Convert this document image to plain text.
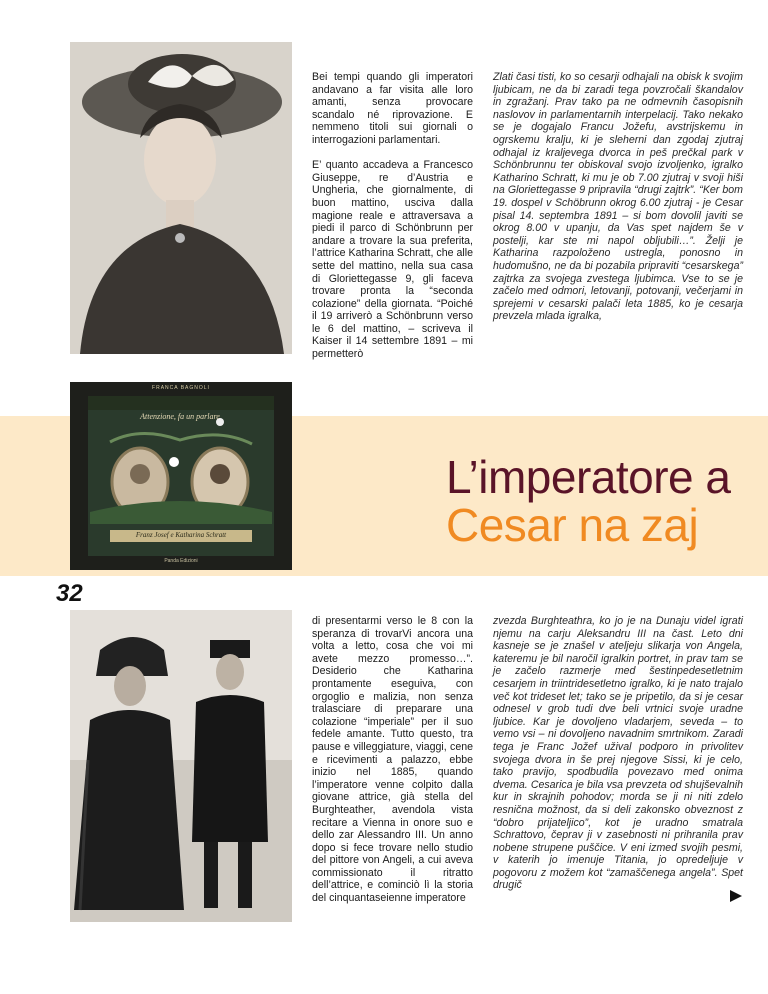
Bei tempi quando gli imperatori andavano a far visita alle loro amanti, senza provocare scandalo né riprovazione. E nemmeno titoli sui giornali o interrogazioni parlamentari.

E’ quanto accadeva a Francesco Giuseppe, re d’Austria e Ungheria, che giornalmente, di buon mattino, usciva dalla magione reale e attraversava a piedi il parco di Schönbrunn per andare a trovare la sua preferita, l’attrice Katharina Schratt, che alle sette del mattino, nella sua casa di Gloriettegasse 9, gli faceva trovare pronta la “seconda colazione” della giornata. “Poiché il 19 arriverò a Schönbrunn verso le 6 del mattino, – scriveva il Kaiser il 14 settembre 1891 – mi permetterò

Zlati časi tisti, ko so cesarji odhajali na obisk k svojim ljubicam, ne da bi zaradi tega povzročali škandalov in zgražanj. Prav tako pa ne odmevnih časopisnih naslovov in parlamentarnih interpelacij. Tako nekako se je dogajalo Francu Jožefu, avstrijskemu in ogrskemu kralju, ki je sleherni dan zgodaj zjutraj odhajal iz kraljevega dvorca in peš prečkal park v Schönbrunnu ter obiskoval svojo izvoljenko, igralko Katharino Schratt, ki mu je ob 7.00 zjutraj v svoji hiši na Gloriettegasse 9 pripravila “drugi zajtrk”. “Ker bom 19. dospel v Schöbrunn okrog 6.00 zjutraj - je Cesar pisal 14. septembra 1891 – si bom dovolil javiti se okrog 8.00 v upanju, da Vas spet najdem še v postelji, kar ste mi napol obljubili…”. Želji je Katharina razpoloženo ustregla, ponosno in hudomušno, ne da bi pozabila pripraviti “cesarskega” zajtrka za svojega zvestega ljubimca. Vse to se je začelo med odmori, letovanji, potovanji, večerjami in sprejemi v cesarski palači leta 1885, ko je cesarja prevzela mlada igralka,

FRANCA BAGNOLI
Attenzione, fa un parlare
Franz Josef e Katharina Schratt
Panda Edizioni
L’imperatore a
Cesar na zaj
32

di presentarmi verso le 8 con la speranza di trovarVi ancora una volta a letto, cosa che voi mi avete mezzo promesso…”. Desiderio che Katharina prontamente eseguiva, con orgoglio e malizia, non senza tralasciare di preparare una colazione “imperiale” per il suo fedele amante. Tutto questo, tra pause e villeggiature, viaggi, cene e ricevimenti a palazzo, ebbe inizio nel 1885, quando l’imperatore venne colpito dalla giovane attrice, già stella del Burghteather, avendola vista recitare a Vienna in onore suo e dello zar Alessandro III. Un anno dopo si fece trovare nello studio del pittore von Angeli, a cui aveva commissionato il ritratto dell’attrice, e cominciò lì la storia del cinquantaseienne imperatore

zvezda Burghteathra, ko jo je na Dunaju videl igrati njemu na carju Aleksandru III na čast. Leto dni kasneje se je znašel v ateljeju slikarja von Angela, kateremu je bil naročil igralkin portret, in prav tam se je začelo razmerje med šestinpedesetletnim cesarjem in triintridesetletno igralko, ki je nato trajalo več kot trideset let; tako se je pripetilo, da si je cesar odnesel v grob tudi dve beli vrtnici svoje uradne ljubice. Kar je dovoljeno vladarjem, seveda – to vemo vsi – ni dovoljeno navadnim smrtnikom. Zaradi tega je Franc Jožef užival podporo in privolitev svojega dvora in še prej njegove Sissi, ki je celo, tako pravijo, spodbudila povezavo med onima dvema. Cesarica je bila vsa prevzeta od shujševalnih kur in skrajnih pohodov; morda se ji ni niti zdelo resnična možnost, da si deli zakonsko obveznost z “dobro prijateljico”, kot je uradno smatrala Schrattovo, čeprav ji v zasebnosti ni prihranila prav nobene strupene puščice. V eni izmed svojih pesmi, v katerih jo imenuje Titania, jo opredeljuje v pogovoru z možem kot “zamaščenega angela”. Spet drugič
